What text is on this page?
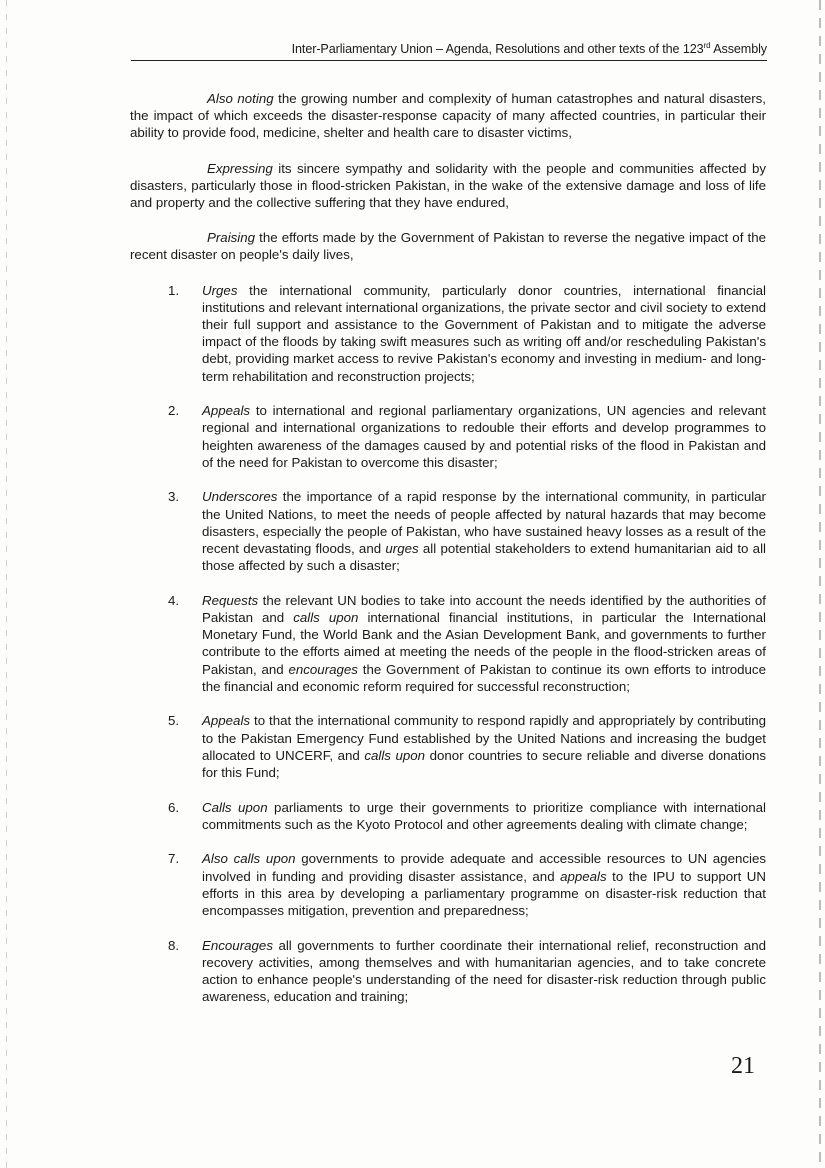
Inter-Parliamentary Union – Agenda, Resolutions and other texts of the 123rd Assembly

Also noting the growing number and complexity of human catastrophes and natural disasters, the impact of which exceeds the disaster-response capacity of many affected countries, in particular their ability to provide food, medicine, shelter and health care to disaster victims,

Expressing its sincere sympathy and solidarity with the people and communities affected by disasters, particularly those in flood-stricken Pakistan, in the wake of the extensive damage and loss of life and property and the collective suffering that they have endured,

Praising the efforts made by the Government of Pakistan to reverse the negative impact of the recent disaster on people's daily lives,

1. Urges the international community, particularly donor countries, international financial institutions and relevant international organizations, the private sector and civil society to extend their full support and assistance to the Government of Pakistan and to mitigate the adverse impact of the floods by taking swift measures such as writing off and/or rescheduling Pakistan's debt, providing market access to revive Pakistan's economy and investing in medium- and long-term rehabilitation and reconstruction projects;
2. Appeals to international and regional parliamentary organizations, UN agencies and relevant regional and international organizations to redouble their efforts and develop programmes to heighten awareness of the damages caused by and potential risks of the flood in Pakistan and of the need for Pakistan to overcome this disaster;
3. Underscores the importance of a rapid response by the international community, in particular the United Nations, to meet the needs of people affected by natural hazards that may become disasters, especially the people of Pakistan, who have sustained heavy losses as a result of the recent devastating floods, and urges all potential stakeholders to extend humanitarian aid to all those affected by such a disaster;
4. Requests the relevant UN bodies to take into account the needs identified by the authorities of Pakistan and calls upon international financial institutions, in particular the International Monetary Fund, the World Bank and the Asian Development Bank, and governments to further contribute to the efforts aimed at meeting the needs of the people in the flood-stricken areas of Pakistan, and encourages the Government of Pakistan to continue its own efforts to introduce the financial and economic reform required for successful reconstruction;
5. Appeals to that the international community to respond rapidly and appropriately by contributing to the Pakistan Emergency Fund established by the United Nations and increasing the budget allocated to UNCERF, and calls upon donor countries to secure reliable and diverse donations for this Fund;
6. Calls upon parliaments to urge their governments to prioritize compliance with international commitments such as the Kyoto Protocol and other agreements dealing with climate change;
7. Also calls upon governments to provide adequate and accessible resources to UN agencies involved in funding and providing disaster assistance, and appeals to the IPU to support UN efforts in this area by developing a parliamentary programme on disaster-risk reduction that encompasses mitigation, prevention and preparedness;
8. Encourages all governments to further coordinate their international relief, reconstruction and recovery activities, among themselves and with humanitarian agencies, and to take concrete action to enhance people's understanding of the need for disaster-risk reduction through public awareness, education and training;
21
